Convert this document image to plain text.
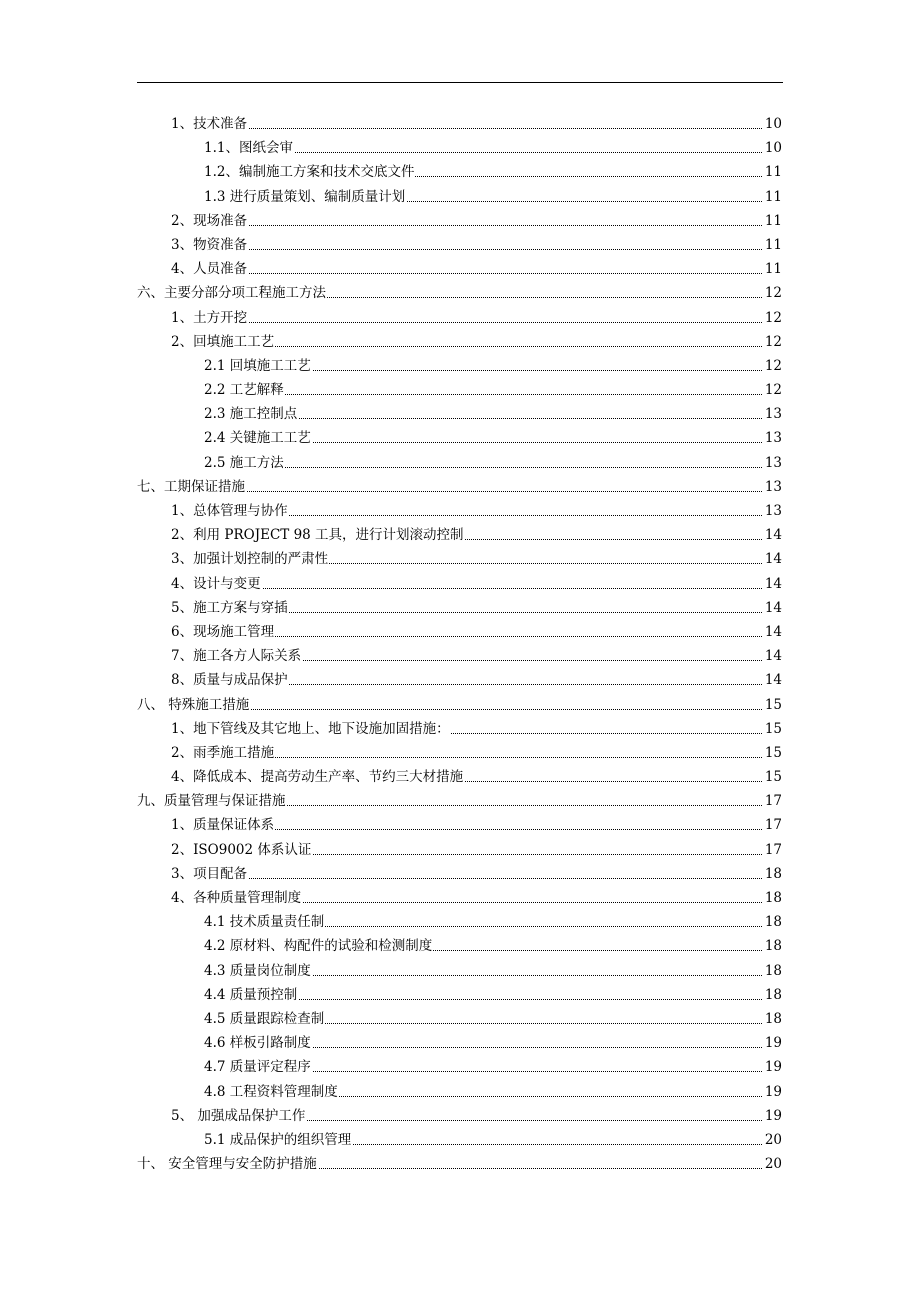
1、技术准备	10
1.1、图纸会审	10
1.2、编制施工方案和技术交底文件	11
1.3 进行质量策划、编制质量计划	11
2、现场准备	11
3、物资准备	11
4、人员准备	11
六、主要分部分项工程施工方法	12
1、土方开挖	12
2、回填施工工艺	12
2.1 回填施工工艺	12
2.2 工艺解释	12
2.3 施工控制点	13
2.4 关键施工工艺	13
2.5 施工方法	13
七、工期保证措施	13
1、总体管理与协作	13
2、利用 PROJECT 98 工具，进行计划滚动控制	14
3、加强计划控制的严肃性	14
4、设计与变更	14
5、施工方案与穿插	14
6、现场施工管理	14
7、施工各方人际关系	14
8、质量与成品保护	14
八、 特殊施工措施	15
1、地下管线及其它地上、地下设施加固措施：	15
2、雨季施工措施	15
4、降低成本、提高劳动生产率、节约三大材措施	15
九、质量管理与保证措施	17
1、质量保证体系	17
2、ISO9002 体系认证	17
3、项目配备	18
4、各种质量管理制度	18
4.1 技术质量责任制	18
4.2 原材料、构配件的试验和检测制度	18
4.3 质量岗位制度	18
4.4 质量预控制	18
4.5 质量跟踪检查制	18
4.6 样板引路制度	19
4.7 质量评定程序	19
4.8 工程资料管理制度	19
5、 加强成品保护工作	19
5.1 成品保护的组织管理	20
十、 安全管理与安全防护措施	20
